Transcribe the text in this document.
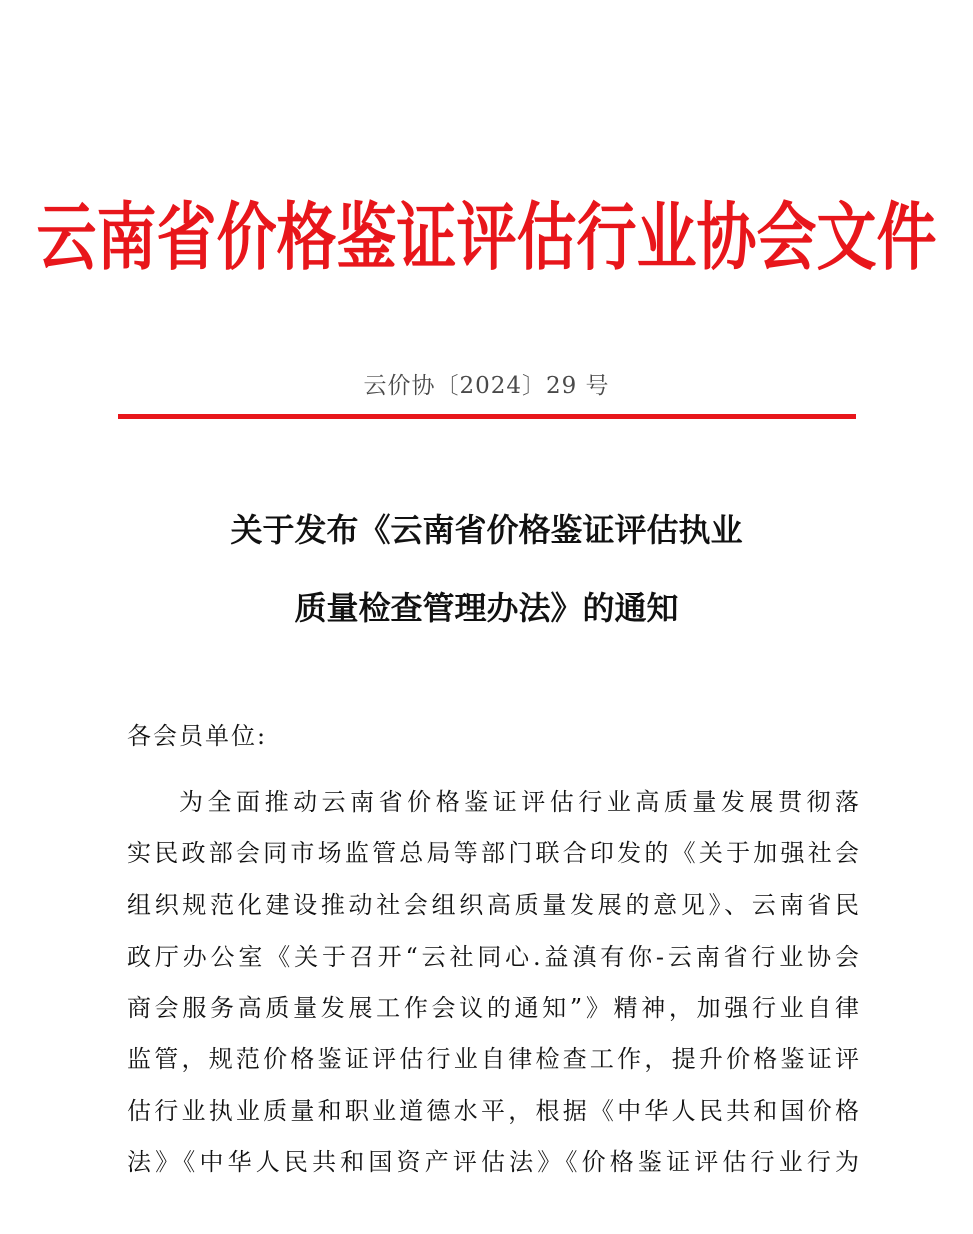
云南省价格鉴证评估行业协会文件
云价协〔2024〕29 号
关于发布《云南省价格鉴证评估执业
质量检查管理办法》的通知
各会员单位:
为全面推动云南省价格鉴证评估行业高质量发展贯彻落
实民政部会同市场监管总局等部门联合印发的《关于加强社会
组织规范化建设推动社会组织高质量发展的意见》、云南省民
政厅办公室《关于召开“云社同心.益滇有你-云南省行业协会
商会服务高质量发展工作会议的通知”》精神，加强行业自律
监管，规范价格鉴证评估行业自律检查工作，提升价格鉴证评
估行业执业质量和职业道德水平，根据《中华人民共和国价格
法》《中华人民共和国资产评估法》《价格鉴证评估行业行为
